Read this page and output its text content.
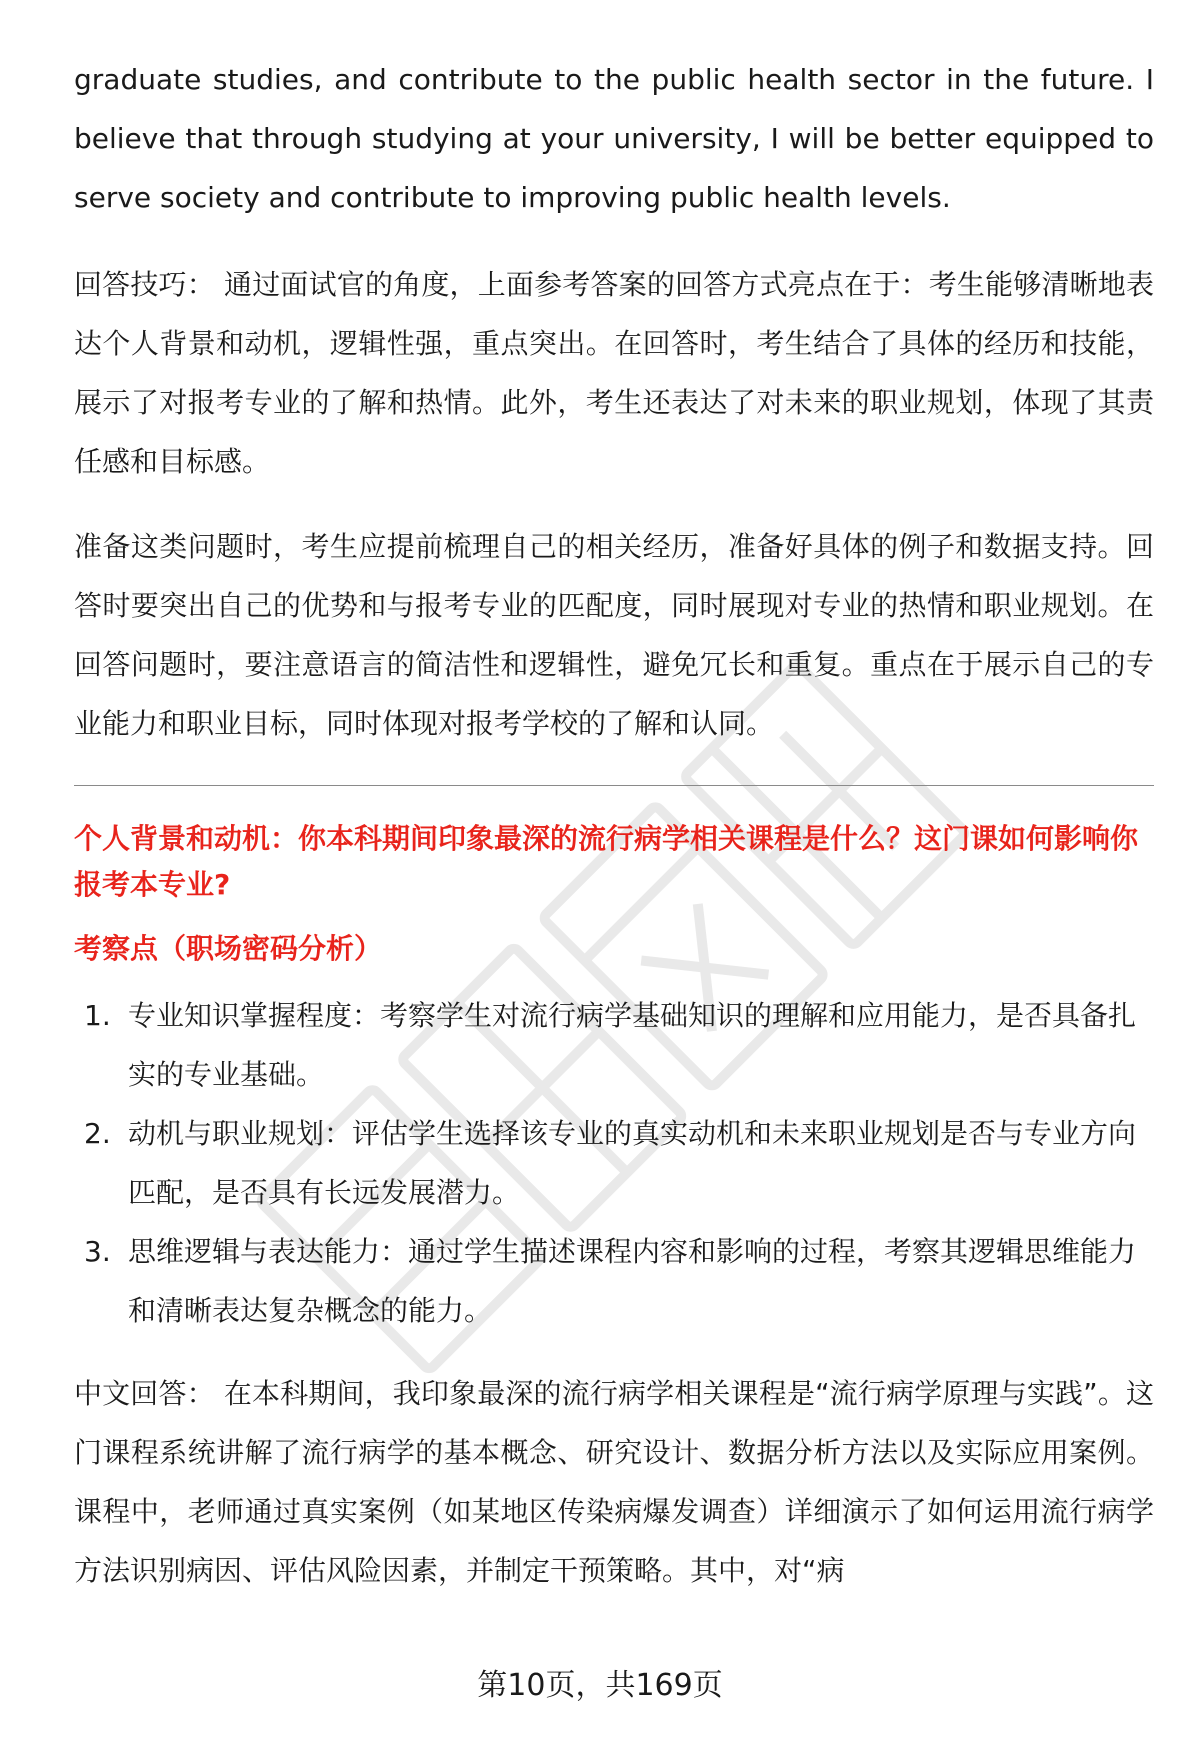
graduate studies, and contribute to the public health sector in the future. I believe that through studying at your university, I will be better equipped to serve society and contribute to improving public health levels.

回答技巧： 通过面试官的角度，上面参考答案的回答方式亮点在于：考生能够清晰地表达个人背景和动机，逻辑性强，重点突出。在回答时，考生结合了具体的经历和技能，展示了对报考专业的了解和热情。此外，考生还表达了对未来的职业规划，体现了其责任感和目标感。

准备这类问题时，考生应提前梳理自己的相关经历，准备好具体的例子和数据支持。回答时要突出自己的优势和与报考专业的匹配度，同时展现对专业的热情和职业规划。在回答问题时，要注意语言的简洁性和逻辑性，避免冗长和重复。重点在于展示自己的专业能力和职业目标，同时体现对报考学校的了解和认同。

个人背景和动机：你本科期间印象最深的流行病学相关课程是什么？这门课如何影响你报考本专业?
考察点（职场密码分析）
1. 专业知识掌握程度：考察学生对流行病学基础知识的理解和应用能力，是否具备扎实的专业基础。
2. 动机与职业规划：评估学生选择该专业的真实动机和未来职业规划是否与专业方向匹配，是否具有长远发展潜力。
3. 思维逻辑与表达能力：通过学生描述课程内容和影响的过程，考察其逻辑思维能力和清晰表达复杂概念的能力。

中文回答： 在本科期间，我印象最深的流行病学相关课程是“流行病学原理与实践”。这门课程系统讲解了流行病学的基本概念、研究设计、数据分析方法以及实际应用案例。课程中，老师通过真实案例（如某地区传染病爆发调查）详细演示了如何运用流行病学方法识别病因、评估风险因素，并制定干预策略。其中，对“病

第10页，共169页
